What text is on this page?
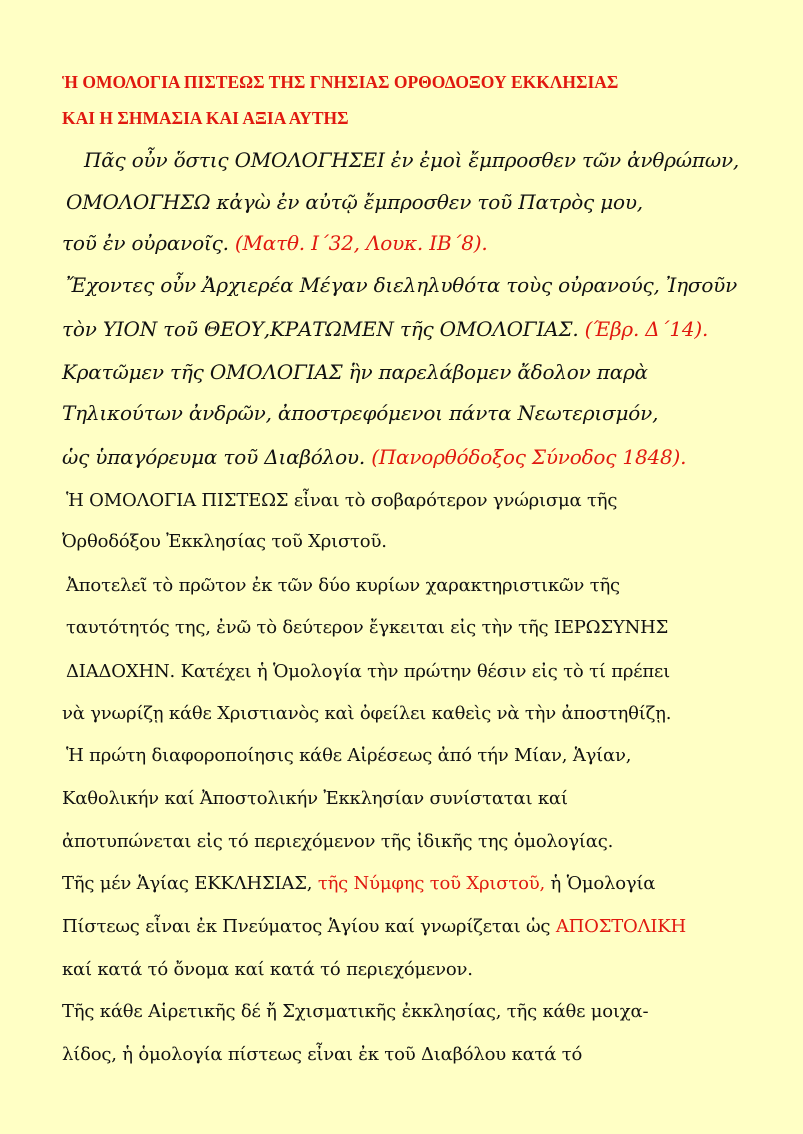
Ἡ ΟΜΟΛΟΓΙΑ ΠΙΣΤΕΩΣ ΤΗΣ ΓΝΗΣΙΑΣ ΟΡΘΟΔΟΞΟΥ ΕΚΚΛΗΣΙΑΣ

ΚΑΙ Η ΣΗΜΑΣΙΑ ΚΑΙ ΑΞΙΑ ΑΥΤΗΣ

Πᾶς οὖν ὅστις ΟΜΟΛΟΓΗΣΕΙ ἐν ἐμοὶ ἔμπροσθεν τῶν ἀνθρώπων,

ΟΜΟΛΟΓΗΣΩ κἀγὼ ἐν αὐτῷ ἔμπροσθεν τοῦ Πατρὸς μου,

τοῦ ἐν οὐρανοῖς. (Ματθ. Ι΄32, Λουκ. ΙΒ΄8).

Ἔχοντες οὖν Ἀρχιερέα Μέγαν διεληλυθότα τοὺς οὐρανούς, Ἰησοῦν

τὸν ΥΙΟΝ τοῦ ΘΕΟΥ,ΚΡΑΤΩΜΕΝ τῆς ΟΜΟΛΟΓΙΑΣ. (Έβρ. Δ΄14).

Κρατῶμεν τῆς ΟΜΟΛΟΓΙΑΣ ἣν παρελάβομεν ἄδολον παρὰ

Τηλικούτων ἀνδρῶν, ἀποστρεφόμενοι πάντα Νεωτερισμόν,

ὡς ὑπαγόρευμα τοῦ Διαβόλου. (Πανορθόδοξος Σύνοδος 1848).

Ἡ ΟΜΟΛΟΓΙΑ ΠΙΣΤΕΩΣ εἶναι τὸ σοβαρότερον γνώρισμα τῆς

Ὀρθοδόξου Ἐκκλησίας τοῦ Χριστοῦ.

Ἀποτελεῖ τὸ πρῶτον ἐκ τῶν δύο κυρίων χαρακτηριστικῶν τῆς

ταυτότητός της, ἐνῶ τὸ δεύτερον ἔγκειται εἰς τὴν τῆς ΙΕΡΩΣΥΝΗΣ

ΔΙΑΔΟΧΗΝ. Κατέχει ἡ Ὁμολογία τὴν πρώτην θέσιν εἰς τὸ τί πρέπει

νὰ γνωρίζῃ κάθε Χριστιανὸς καὶ ὀφείλει καθεὶς νὰ τὴν ἀποστηθίζῃ.

Ἡ πρώτη διαφοροποίησις κάθε Αἱρέσεως ἀπό τήν Μίαν, Ἁγίαν,

Καθολικήν καί Ἀποστολικήν Ἐκκλησίαν συνίσταται καί

ἀποτυπώνεται εἰς τό περιεχόμενον τῆς ἰδικῆς της ὁμολογίας.

Τῆς μέν Ἁγίας ΕΚΚΛΗΣΙΑΣ, τῆς Νύμφης τοῦ Χριστοῦ, ἡ Ὁμολογία

Πίστεως εἶναι ἐκ Πνεύματος Ἁγίου καί γνωρίζεται ὡς ΑΠΟΣΤΟΛΙΚΗ

καί κατά τό ὄνομα καί κατά τό περιεχόμενον.

Τῆς κάθε Αἱρετικῆς δέ ἤ Σχισματικῆς ἐκκλησίας, τῆς κάθε μοιχα-

λίδος, ἡ ὁμολογία πίστεως εἶναι ἐκ τοῦ Διαβόλου κατά τό
